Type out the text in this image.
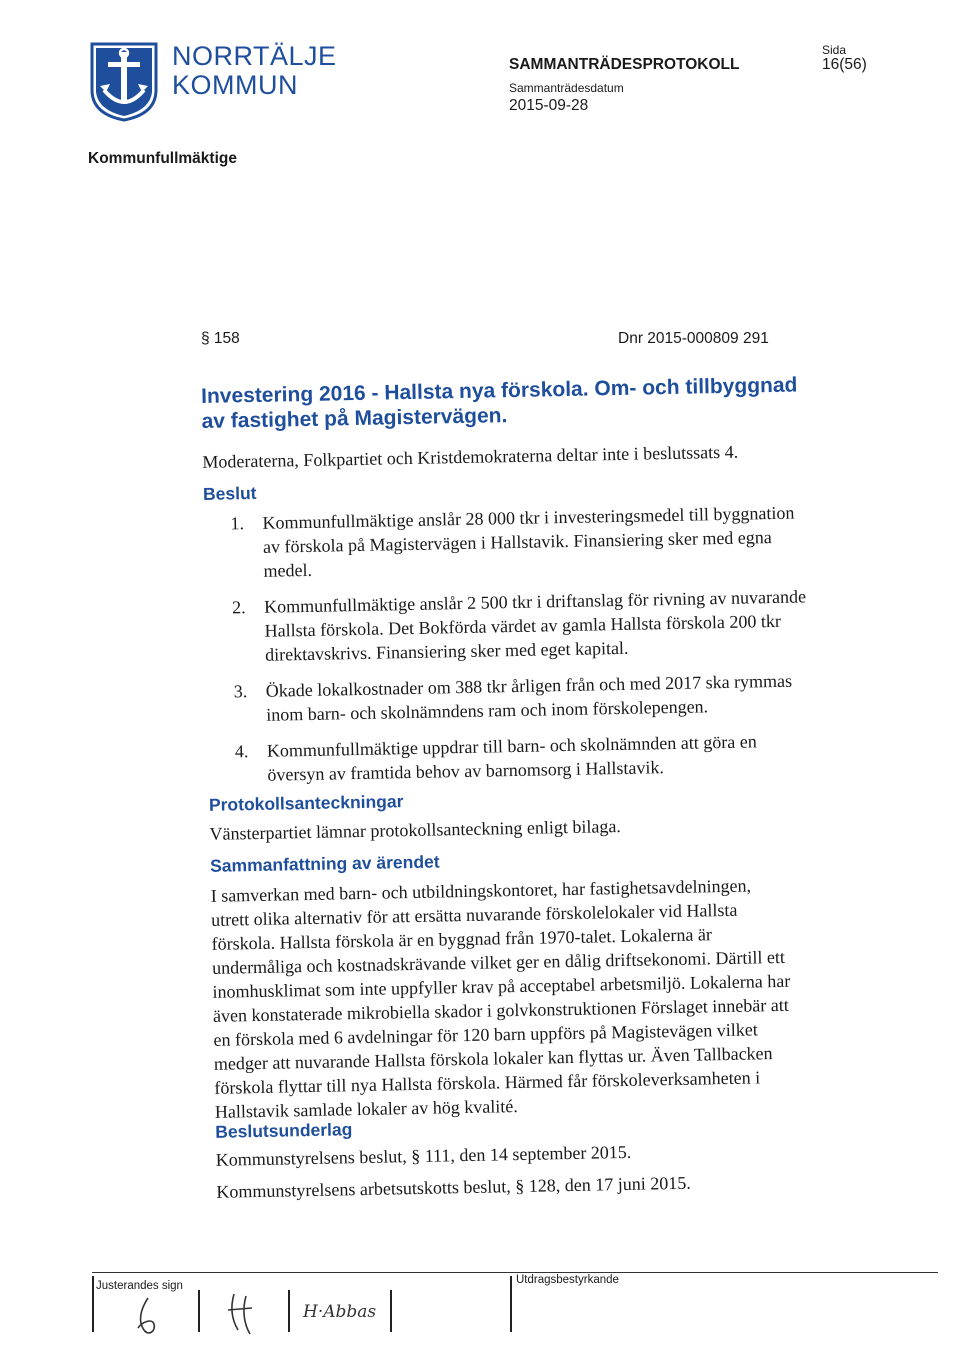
NORRTÄLJE
KOMMUN
SAMMANTRÄDESPROTOKOLL
Sammanträdesdatum
2015-09-28
Sida
16(56)
Kommunfullmäktige
§ 158	Dnr 2015-000809 291
Investering 2016 - Hallsta nya förskola. Om- och tillbyggnad av fastighet på Magistervägen.
Moderaterna, Folkpartiet och Kristdemokraterna deltar inte i beslutssats 4.
Beslut
1. Kommunfullmäktige anslår 28 000 tkr i investeringsmedel till byggnation av förskola på Magistervägen i Hallstavik. Finansiering sker med egna medel.
2. Kommunfullmäktige anslår 2 500 tkr i driftanslag för rivning av nuvarande Hallsta förskola. Det Bokförda värdet av gamla Hallsta förskola 200 tkr direktavskrivs. Finansiering sker med eget kapital.
3. Ökade lokalkostnader om 388 tkr årligen från och med 2017 ska rymmas inom barn- och skolnämndens ram och inom förskolepengen.
4. Kommunfullmäktige uppdrar till barn- och skolnämnden att göra en översyn av framtida behov av barnomsorg i Hallstavik.
Protokollsanteckningar
Vänsterpartiet lämnar protokollsanteckning enligt bilaga.
Sammanfattning av ärendet
I samverkan med barn- och utbildningskontoret, har fastighetsavdelningen, utrett olika alternativ för att ersätta nuvarande förskolelokaler vid Hallsta förskola. Hallsta förskola är en byggnad från 1970-talet. Lokalerna är undermåliga och kostnadskrävande vilket ger en dålig driftsekonomi. Därtill ett inomhusklimat som inte uppfyller krav på acceptabel arbetsmiljö. Lokalerna har även konstaterade mikrobiella skador i golvkonstruktionen Förslaget innebär att en förskola med 6 avdelningar för 120 barn uppförs på Magistevägen vilket medger att nuvarande Hallsta förskola lokaler kan flyttas ur. Även Tallbacken förskola flyttar till nya Hallsta förskola. Härmed får förskoleverksamheten i Hallstavik samlade lokaler av hög kvalité.
Beslutsunderlag
Kommunstyrelsens beslut, § 111, den 14 september 2015.
Kommunstyrelsens arbetsutskotts beslut, § 128, den 17 juni 2015.
Justerandes sign	Utdragsbestyrkande
H·Abbas
